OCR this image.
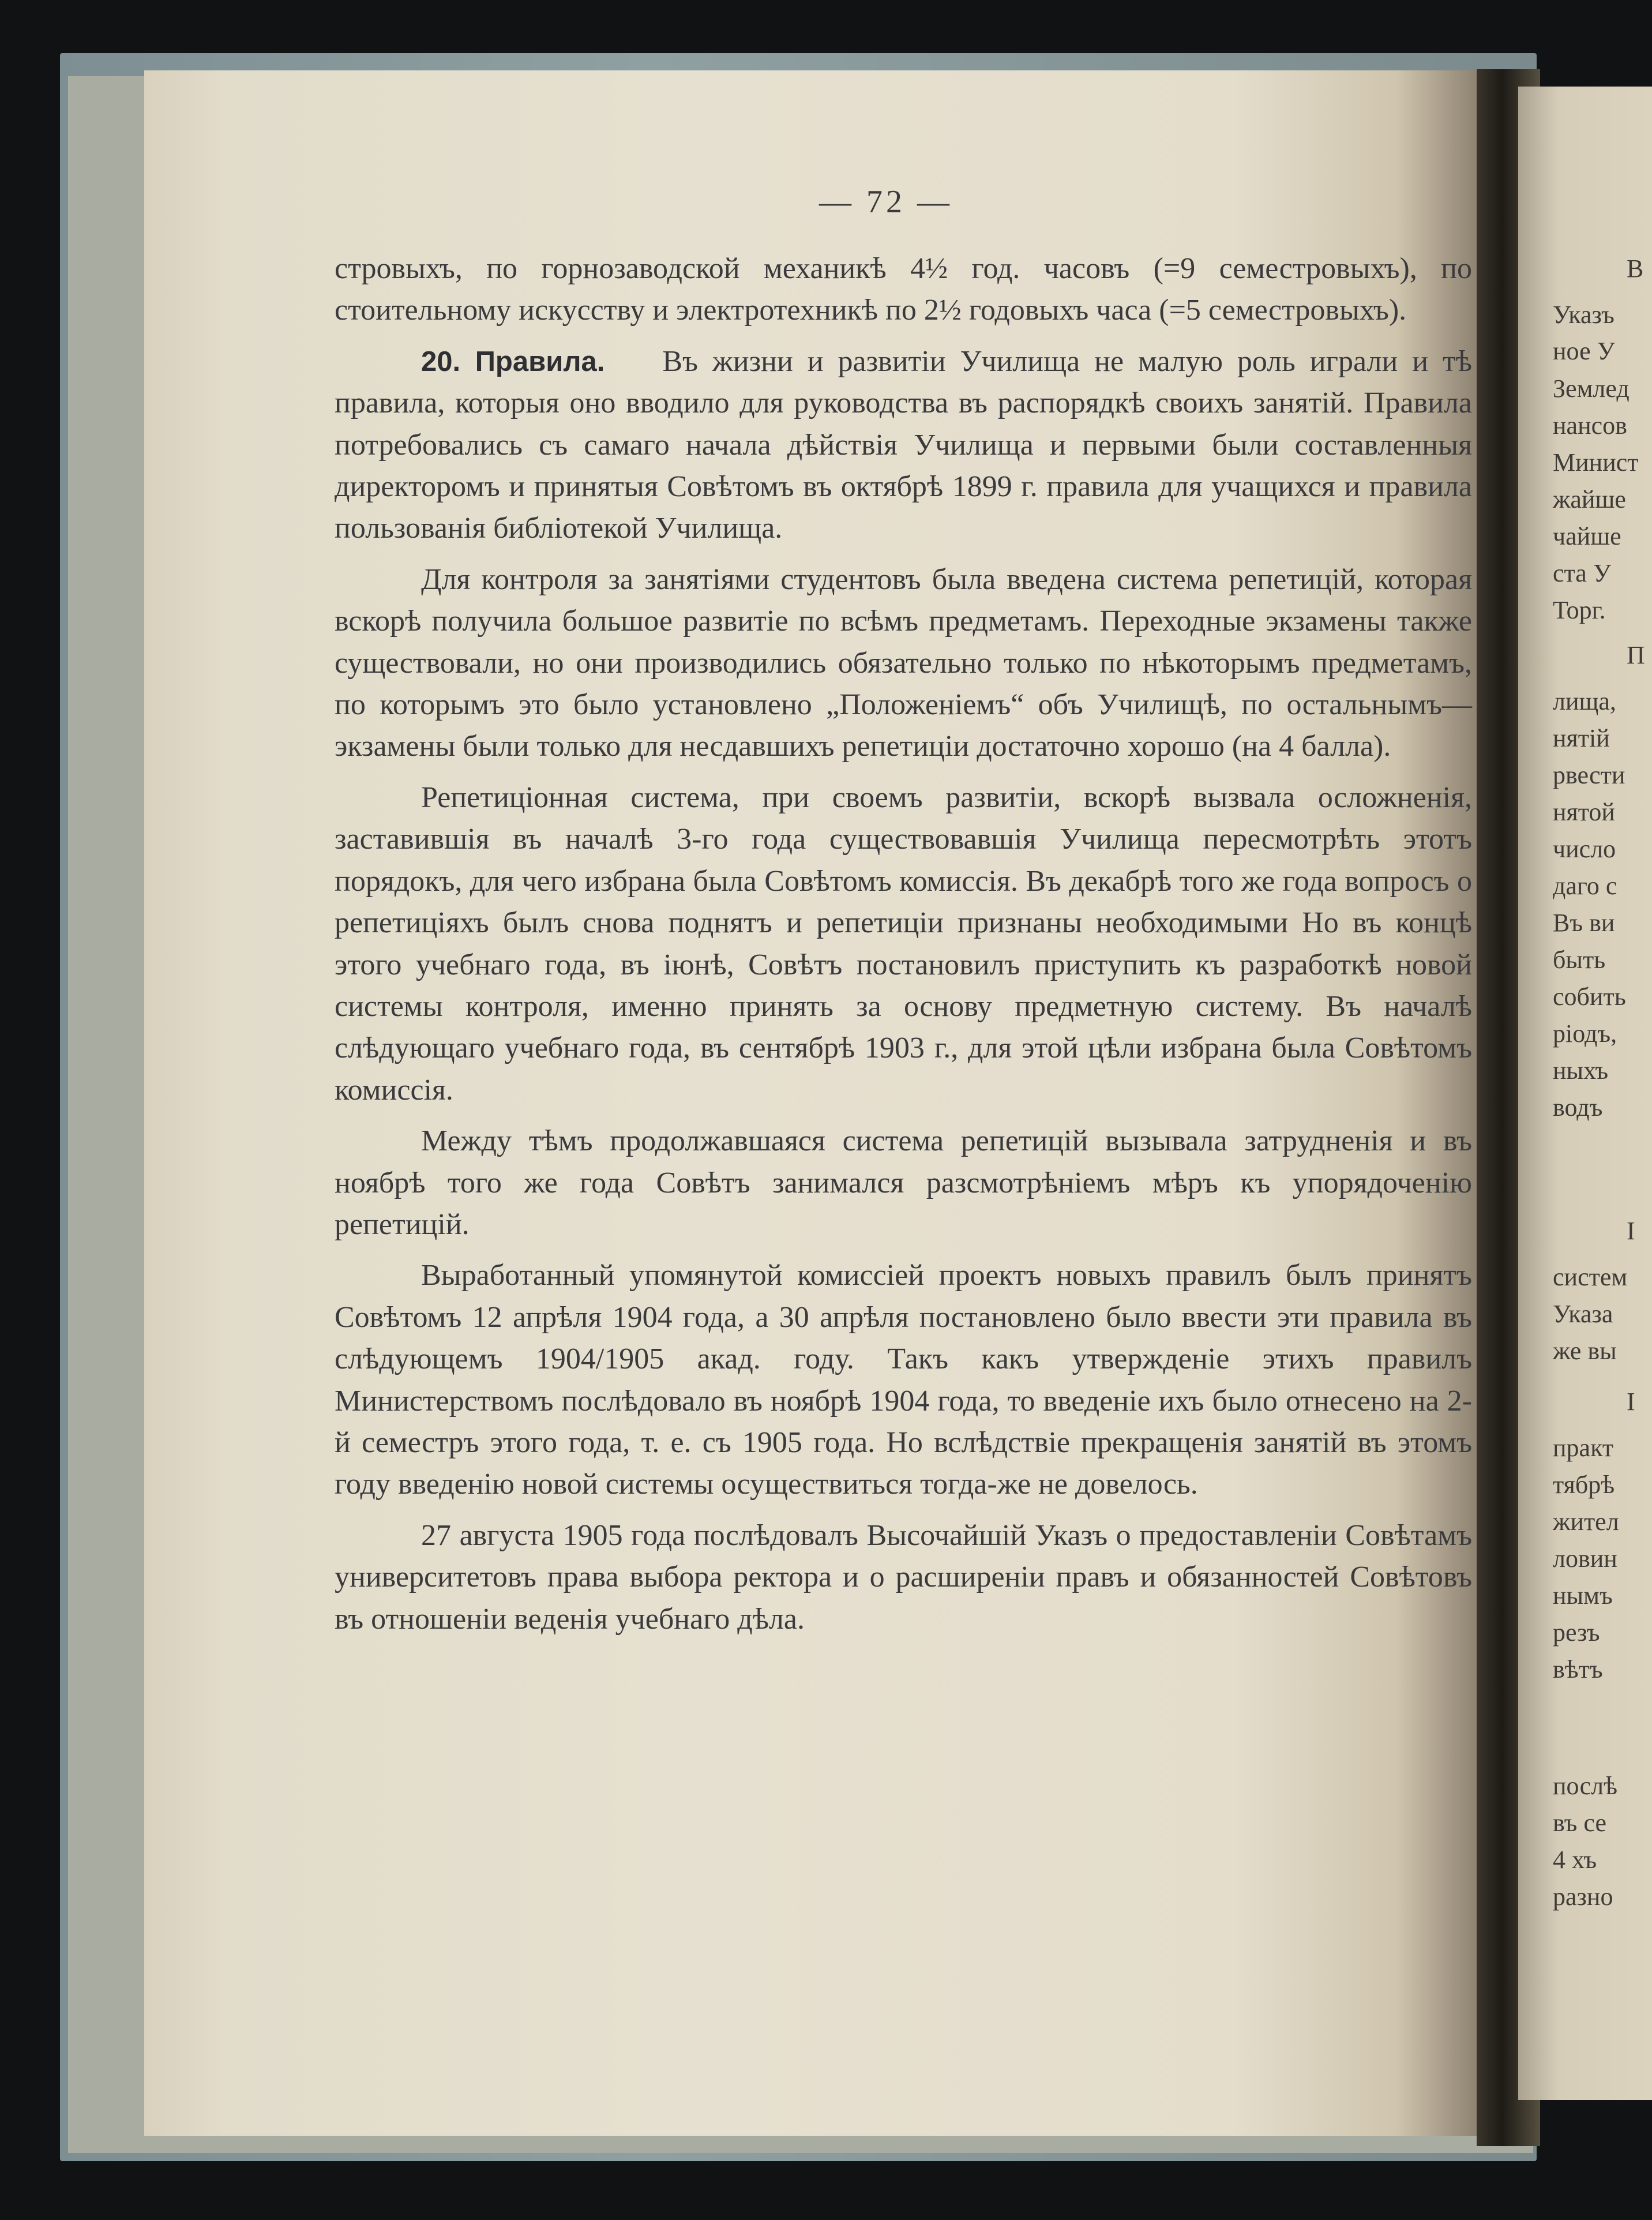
В
Указъ
ное У
Землед
нансов
Минист
жайше
чайше
ста У
Торг.
П
лища,
нятій
рвести
нятой
число
даго с
Въ ви
быть
собить
ріодъ,
ныхъ
водъ
I
систем
Указа
же вы
I
практ
тябрѣ
жител
ловин
нымъ
резъ
вѣтъ
послѣ
въ се
4 хъ
разно
— 72 —

стровыхъ, по горнозаводской механикѣ 4½ год. часовъ (=9 семестровыхъ), по стоительному искусству и электротехникѣ по 2½ годовыхъ часа (=5 семестровыхъ).

20. Правила. Въ жизни и развитіи Училища не малую роль играли и тѣ правила, которыя оно вводило для руководства въ распорядкѣ своихъ занятій. Правила потребовались съ самаго начала дѣйствія Училища и первыми были составленныя директоромъ и принятыя Совѣтомъ въ октябрѣ 1899 г. правила для учащихся и правила пользованія библіотекой Училища.

Для контроля за занятіями студентовъ была введена система репетицій, которая вскорѣ получила большое развитіе по всѣмъ предметамъ. Переходные экзамены также существовали, но они производились обязательно только по нѣкоторымъ предметамъ, по которымъ это было установлено „Положеніемъ“ объ Училищѣ, по остальнымъ—экзамены были только для несдавшихъ репетиціи достаточно хорошо (на 4 балла).

Репетиціонная система, при своемъ развитіи, вскорѣ вызвала осложненія, заставившія въ началѣ 3-го года существовавшія Училища пересмотрѣть этотъ порядокъ, для чего избрана была Совѣтомъ комиссія. Въ декабрѣ того же года вопросъ о репетиціяхъ былъ снова поднятъ и репетиціи признаны необходимыми Но въ концѣ этого учебнаго года, въ іюнѣ, Совѣтъ постановилъ приступить къ разработкѣ новой системы контроля, именно принять за основу предметную систему. Въ началѣ слѣдующаго учебнаго года, въ сентябрѣ 1903 г., для этой цѣли избрана была Совѣтомъ комиссія.

Между тѣмъ продолжавшаяся система репетицій вызывала затрудненія и въ ноябрѣ того же года Совѣтъ занимался разсмотрѣніемъ мѣръ къ упорядоченію репетицій.

Выработанный упомянутой комиссіей проектъ новыхъ правилъ былъ принятъ Совѣтомъ 12 апрѣля 1904 года, а 30 апрѣля постановлено было ввести эти правила въ слѣдующемъ 1904/1905 акад. году. Такъ какъ утвержденіе этихъ правилъ Министерствомъ послѣдовало въ ноябрѣ 1904 года, то введеніе ихъ было отнесено на 2-й семестръ этого года, т. е. съ 1905 года. Но вслѣдствіе прекращенія занятій въ этомъ году введенію новой системы осуществиться тогда-же не довелось.

27 августа 1905 года послѣдовалъ Высочайшій Указъ о предоставленіи Совѣтамъ университетовъ права выбора ректора и о расширеніи правъ и обязанностей Совѣтовъ въ отношеніи веденія учебнаго дѣла.
